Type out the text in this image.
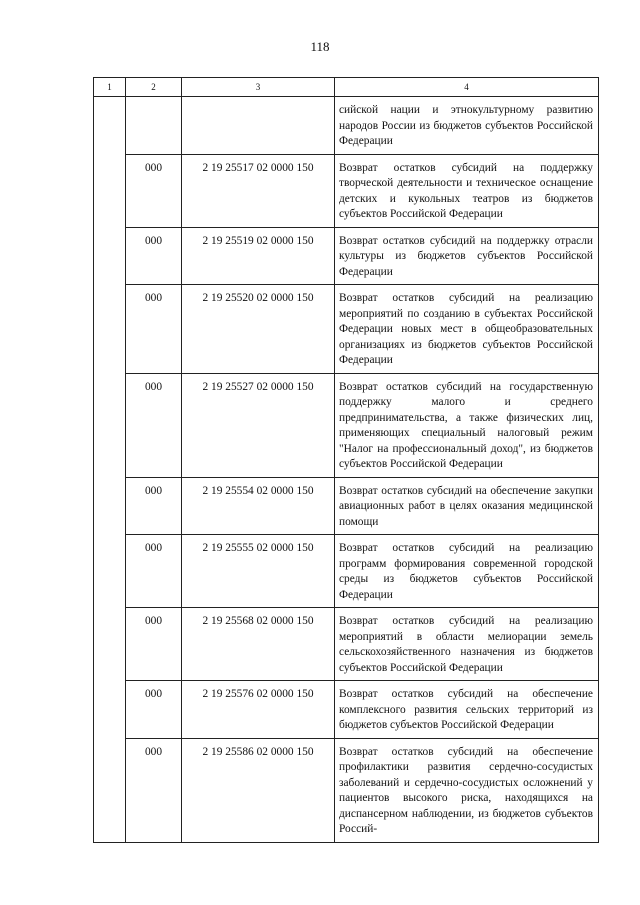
118
1	2	3	4
			сийской нации и этнокультурному развитию народов России из бюджетов субъектов Российской Федерации
	000	2 19 25517 02 0000 150	Возврат остатков субсидий на поддержку творческой деятельности и техническое оснащение детских и кукольных театров из бюджетов субъектов Российской Федерации
	000	2 19 25519 02 0000 150	Возврат остатков субсидий на поддержку отрасли культуры из бюджетов субъектов Российской Федерации
	000	2 19 25520 02 0000 150	Возврат остатков субсидий на реализацию мероприятий по созданию в субъектах Российской Федерации новых мест в общеобразовательных организациях из бюджетов субъектов Российской Федерации
	000	2 19 25527 02 0000 150	Возврат остатков субсидий на государственную поддержку малого и среднего предпринимательства, а также физических лиц, применяющих специальный налоговый режим "Налог на профессиональный доход", из бюджетов субъектов Российской Федерации
	000	2 19 25554 02 0000 150	Возврат остатков субсидий на обеспечение закупки авиационных работ в целях оказания медицинской помощи
	000	2 19 25555 02 0000 150	Возврат остатков субсидий на реализацию программ формирования современной городской среды из бюджетов субъектов Российской Федерации
	000	2 19 25568 02 0000 150	Возврат остатков субсидий на реализацию мероприятий в области мелиорации земель сельскохозяйственного назначения из бюджетов субъектов Российской Федерации
	000	2 19 25576 02 0000 150	Возврат остатков субсидий на обеспечение комплексного развития сельских территорий из бюджетов субъектов Российской Федерации
	000	2 19 25586 02 0000 150	Возврат остатков субсидий на обеспечение профилактики развития сердечно-сосудистых заболеваний и сердечно-сосудистых осложнений у пациентов высокого риска, находящихся на диспансерном наблюдении, из бюджетов субъектов Россий-
